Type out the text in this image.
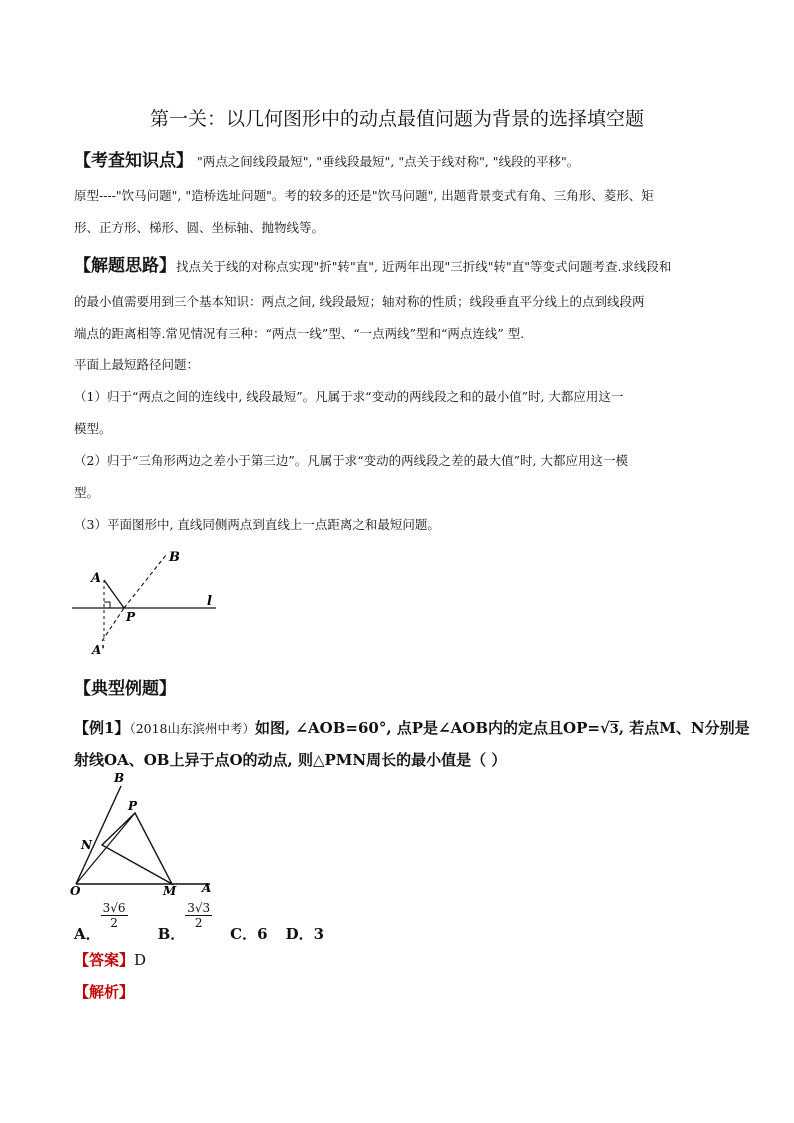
第一关：以几何图形中的动点最值问题为背景的选择填空题
【考查知识点】 "两点之间线段最短", "垂线段最短", "点关于线对称", "线段的平移"。
原型----"饮马问题", "造桥选址问题"。考的较多的还是"饮马问题", 出题背景变式有角、三角形、菱形、矩
形、正方形、梯形、圆、坐标轴、抛物线等。
【解题思路】找点关于线的对称点实现"折"转"直", 近两年出现"三折线"转"直"等变式问题考查.求线段和
的最小值需要用到三个基本知识：两点之间, 线段最短；轴对称的性质；线段垂直平分线上的点到线段两
端点的距离相等.常见情况有三种：“两点一线”型、“一点两线”型和“两点连线” 型.
平面上最短路径问题：
（1）归于“两点之间的连线中, 线段最短”。凡属于求“变动的两线段之和的最小值”时, 大都应用这一
模型。
（2）归于“三角形两边之差小于第三边”。凡属于求“变动的两线段之差的最大值”时, 大都应用这一模
型。
（3）平面图形中, 直线同侧两点到直线上一点距离之和最短问题。
A
B
l
P
A'
【典型例题】
【例1】（2018山东滨州中考）如图, ∠AOB=60°, 点P是∠AOB内的定点且OP=√3, 若点M、N分别是
射线OA、OB上异于点O的动点, 则△PMN周长的最小值是（ ）
B
P
N
O	M A
A．
$\frac{3√6}{2}$
B．
$\frac{3√3}{2}$
C．6 D．3
【答案】D
【解析】
